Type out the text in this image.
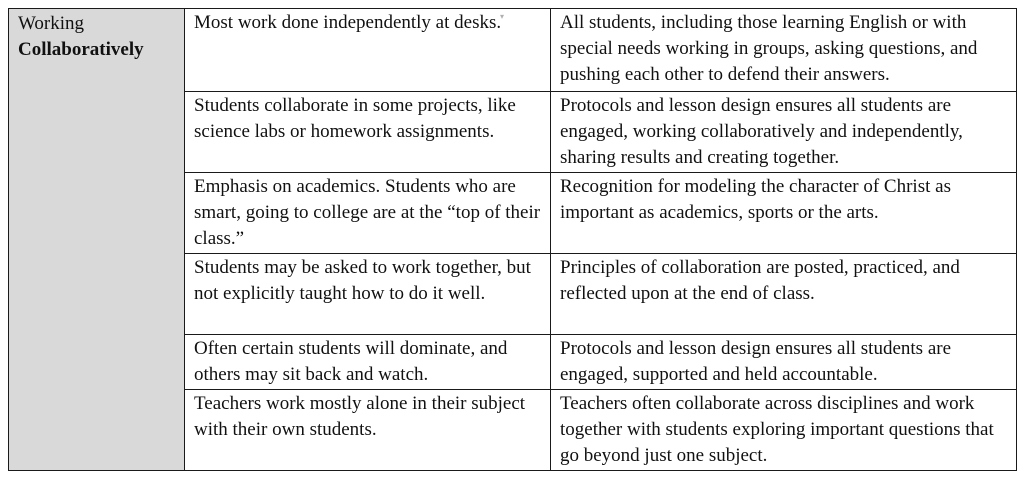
Working
Collaboratively	Most work done independently at desks.	All students, including those learning English or with special needs working in groups, asking questions, and pushing each other to defend their answers.
	Students collaborate in some projects, like science labs or homework assignments.	Protocols and lesson design ensures all students are engaged, working collaboratively and independently, sharing results and creating together.
	Emphasis on academics. Students who are smart, going to college are at the “top of their class.”	Recognition for modeling the character of Christ as important as academics, sports or the arts.
	Students may be asked to work together, but not explicitly taught how to do it well.	Principles of collaboration are posted, practiced, and reflected upon at the end of class.
	Often certain students will dominate, and others may sit back and watch.	Protocols and lesson design ensures all students are engaged, supported and held accountable.
	Teachers work mostly alone in their subject with their own students.	Teachers often collaborate across disciplines and work together with students exploring important questions that go beyond just one subject.
▾
